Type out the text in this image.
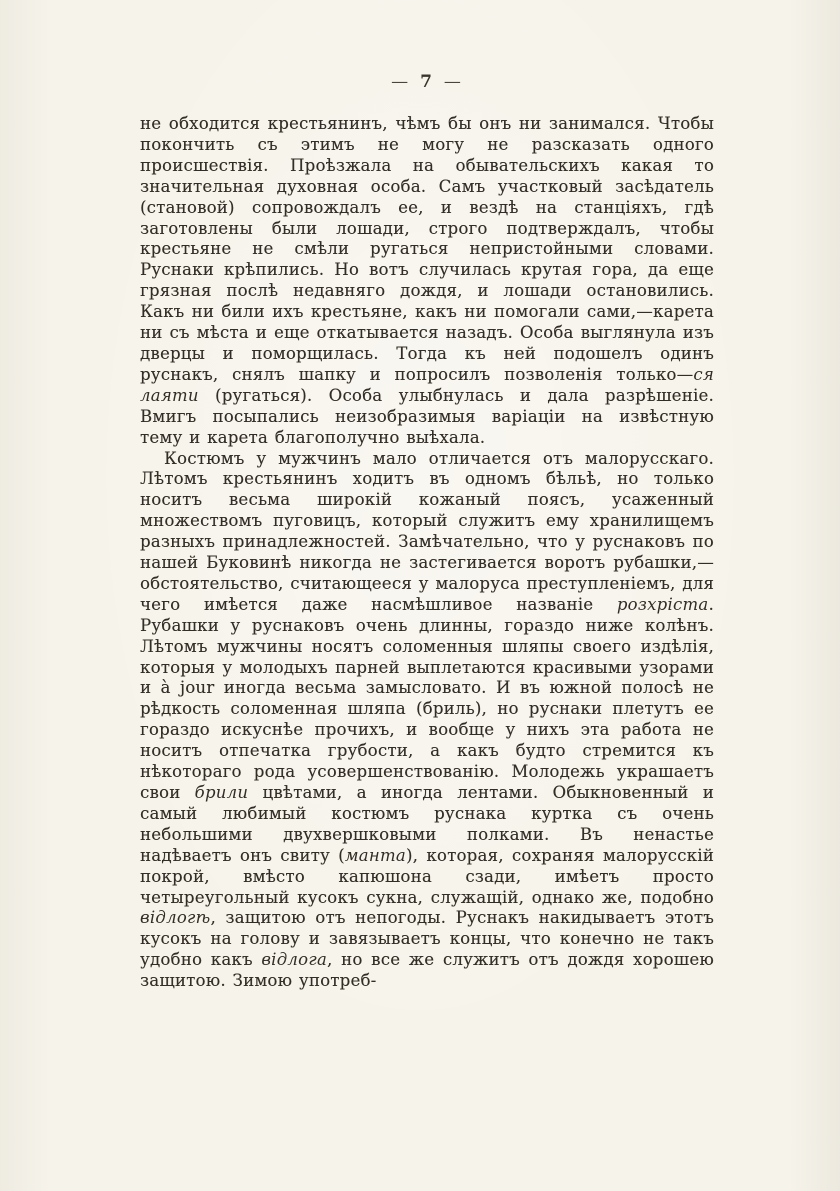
— 7 —

не обходится крестьянинъ, чѣмъ бы онъ ни занимался. Чтобы покончить съ этимъ не могу не разсказать одного происшествія. Проѣзжала на обывательскихъ какая то значительная духовная особа. Самъ участковый засѣдатель (становой) сопровождалъ ее, и вездѣ на станціяхъ, гдѣ заготовлены были лошади, строго подтверждалъ, чтобы крестьяне не смѣли ругаться непристойными словами. Руснаки крѣпились. Но вотъ случилась крутая гора, да еще грязная послѣ недавняго дождя, и лошади остановились. Какъ ни били ихъ крестьяне, какъ ни помогали сами,—карета ни съ мѣста и еще откатывается назадъ. Особа выглянула изъ дверцы и поморщилась. Тогда къ ней подошелъ одинъ руснакъ, снялъ шапку и попросилъ позволенія только—ся лаяти (ругаться). Особа улыбнулась и дала разрѣшеніе. Вмигъ посыпались неизобразимыя варіаціи на извѣстную тему и карета благополучно выѣхала.

Костюмъ у мужчинъ мало отличается отъ малорусскаго. Лѣтомъ крестьянинъ ходитъ въ одномъ бѣльѣ, но только носитъ весьма широкій кожаный поясъ, усаженный множествомъ пуговицъ, который служитъ ему хранилищемъ разныхъ принадлежностей. Замѣчательно, что у руснаковъ по нашей Буковинѣ никогда не застегивается воротъ рубашки,—обстоятельство, считающееся у малоруса преступленіемъ, для чего имѣется даже насмѣшливое названіе розхріста. Рубашки у руснаковъ очень длинны, гораздо ниже колѣнъ. Лѣтомъ мужчины носятъ соломенныя шляпы своего издѣлія, которыя у молодыхъ парней выплетаются красивыми узорами и à jour иногда весьма замысловато. И въ южной полосѣ не рѣдкость соломенная шляпа (бриль), но руснаки плетутъ ее гораздо искуснѣе прочихъ, и вообще у нихъ эта работа не носитъ отпечатка грубости, а какъ будто стремится къ нѣкотораго рода усовершенствованію. Молодежь украшаетъ свои брили цвѣтами, а иногда лентами. Обыкновенный и самый любимый костюмъ руснака куртка съ очень небольшими двухвершковыми полками. Въ ненастье надѣваетъ онъ свиту (манта), которая, сохраняя малорусскій покрой, вмѣсто капюшона сзади, имѣетъ просто четыреугольный кусокъ сукна, служащій, однако же, подобно відлогѣ, защитою отъ непогоды. Руснакъ накидываетъ этотъ кусокъ на голову и завязываетъ концы, что конечно не такъ удобно какъ відлога, но все же служитъ отъ дождя хорошею защитою. Зимою употреб-
